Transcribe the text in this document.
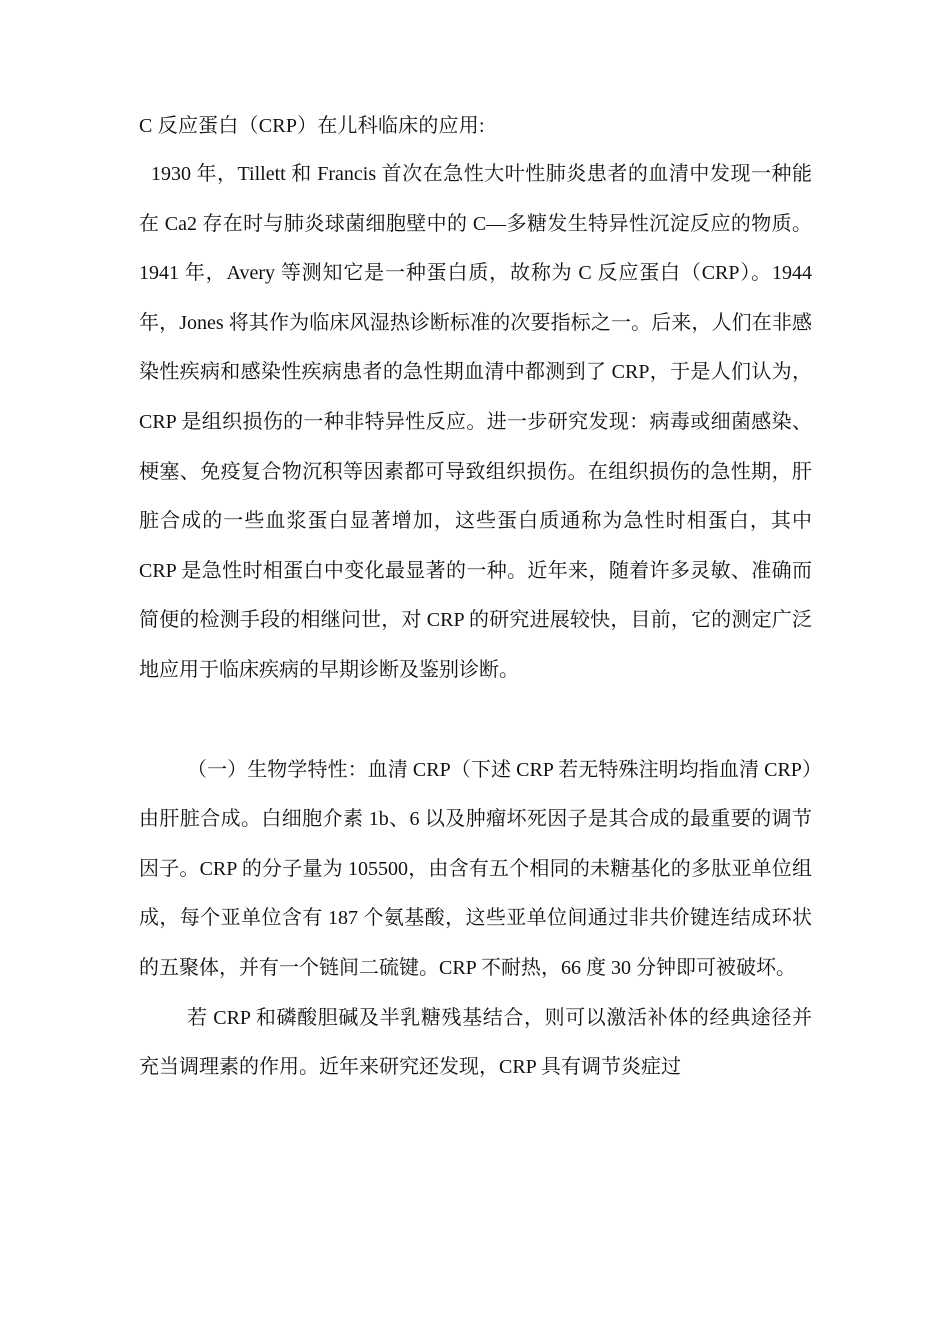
C 反应蛋白（CRP）在儿科临床的应用:

1930 年，Tillett 和 Francis 首次在急性大叶性肺炎患者的血清中发现一种能在 Ca2 存在时与肺炎球菌细胞壁中的 C—多糖发生特异性沉淀反应的物质。1941 年，Avery 等测知它是一种蛋白质，故称为 C 反应蛋白（CRP）。1944 年，Jones 将其作为临床风湿热诊断标准的次要指标之一。后来，人们在非感染性疾病和感染性疾病患者的急性期血清中都测到了 CRP，于是人们认为，CRP 是组织损伤的一种非特异性反应。进一步研究发现：病毒或细菌感染、梗塞、免疫复合物沉积等因素都可导致组织损伤。在组织损伤的急性期，肝脏合成的一些血浆蛋白显著增加，这些蛋白质通称为急性时相蛋白，其中 CRP 是急性时相蛋白中变化最显著的一种。近年来，随着许多灵敏、准确而简便的检测手段的相继问世，对 CRP 的研究进展较快，目前，它的测定广泛地应用于临床疾病的早期诊断及鉴别诊断。

（一）生物学特性：血清 CRP（下述 CRP 若无特殊注明均指血清 CRP）由肝脏合成。白细胞介素 1b、6 以及肿瘤坏死因子是其合成的最重要的调节因子。CRP 的分子量为 105500，由含有五个相同的未糖基化的多肽亚单位组成，每个亚单位含有 187 个氨基酸，这些亚单位间通过非共价键连结成环状的五聚体，并有一个链间二硫键。CRP 不耐热，66 度 30 分钟即可被破坏。

若 CRP 和磷酸胆碱及半乳糖残基结合，则可以激活补体的经典途径并充当调理素的作用。近年来研究还发现，CRP 具有调节炎症过
